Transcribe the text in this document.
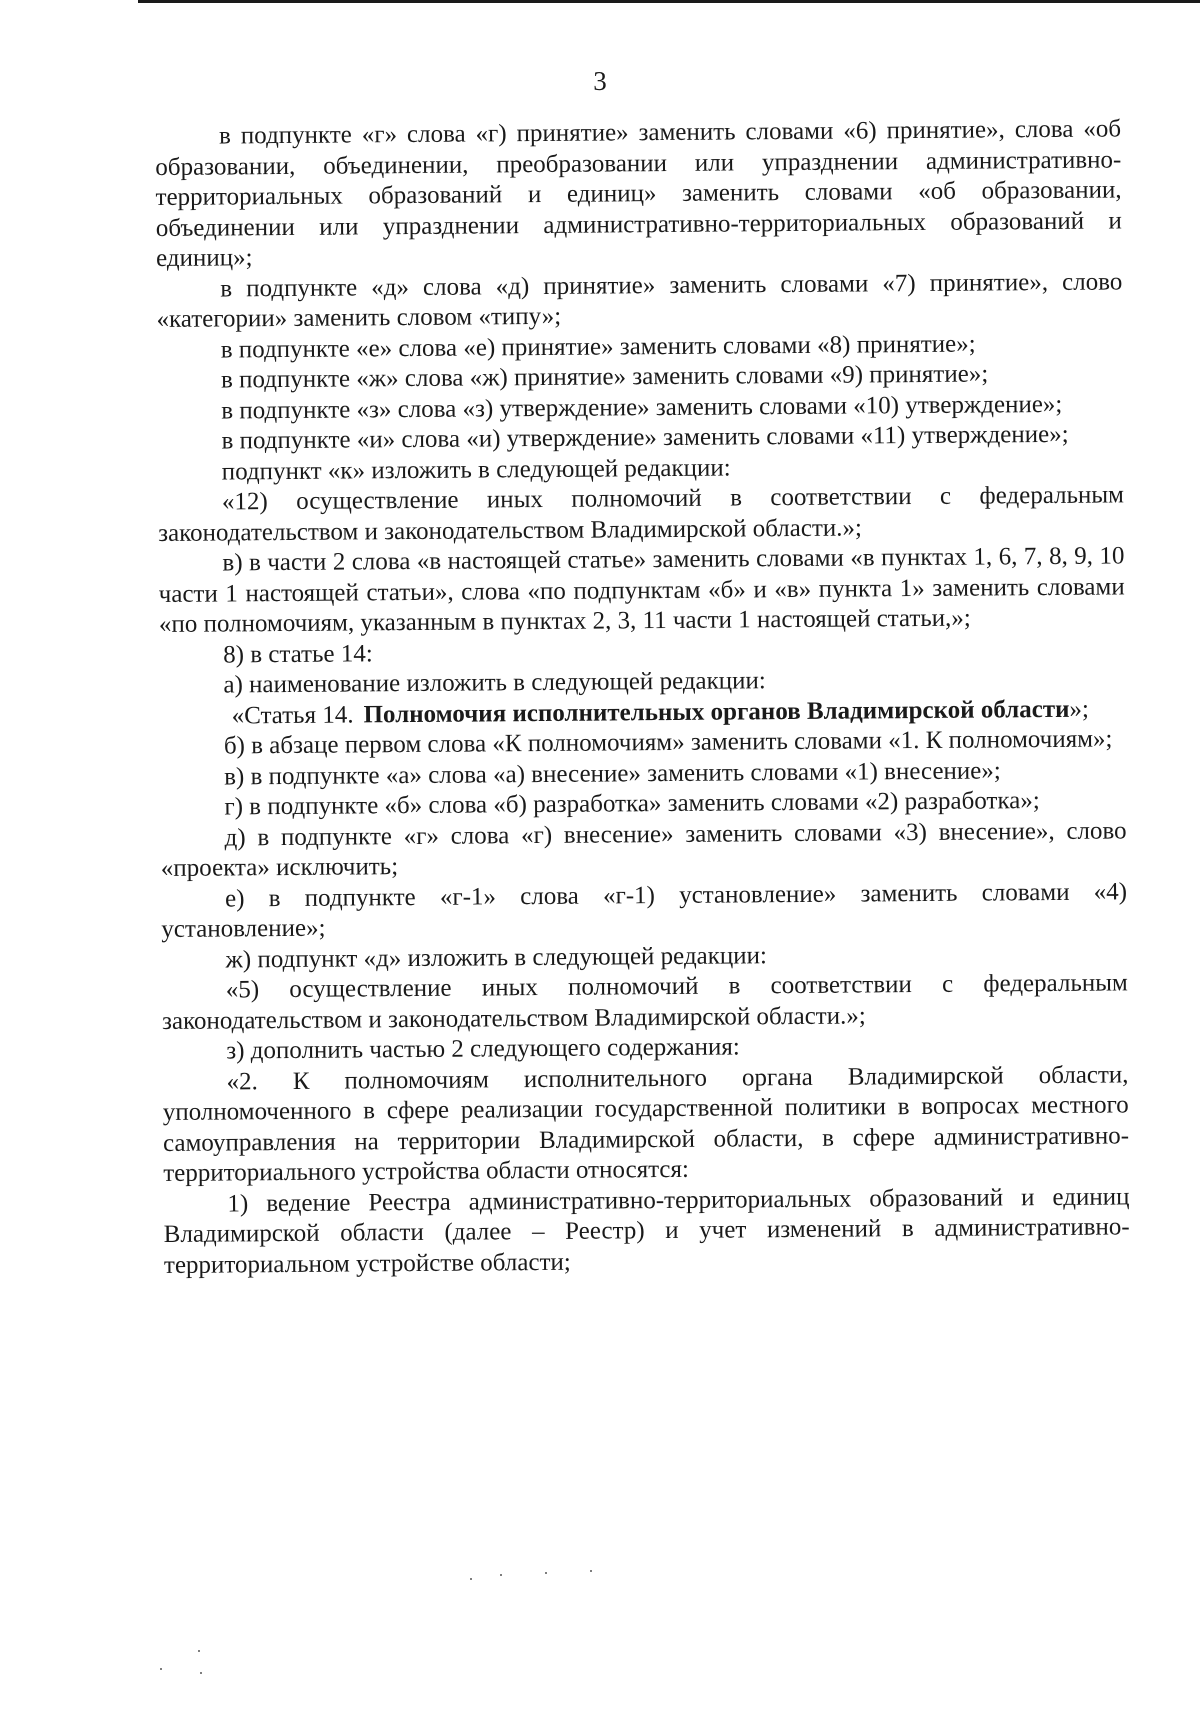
3

в подпункте «г» слова «г) принятие» заменить словами «6) принятие», слова «об образовании, объединении, преобразовании или упразднении административно-территориальных образований и единиц» заменить словами «об образовании, объединении или упразднении административно-территориальных образований и единиц»;

в подпункте «д» слова «д) принятие» заменить словами «7) принятие», слово «категории» заменить словом «типу»;

в подпункте «е» слова «е) принятие» заменить словами «8) принятие»;

в подпункте «ж» слова «ж) принятие» заменить словами «9) принятие»;

в подпункте «з» слова «з) утверждение» заменить словами «10) утверждение»;

в подпункте «и» слова «и) утверждение» заменить словами «11) утверждение»;

подпункт «к» изложить в следующей редакции:

«12) осуществление иных полномочий в соответствии с федеральным законодательством и законодательством Владимирской области.»;

в) в части 2 слова «в настоящей статье» заменить словами «в пунктах 1, 6, 7, 8, 9, 10 части 1 настоящей статьи», слова «по подпунктам «б» и «в» пункта 1» заменить словами «по полномочиям, указанным в пунктах 2, 3, 11 части 1 настоящей статьи,»;

8) в статье 14:

а) наименование изложить в следующей редакции:

«Статья 14. Полномочия исполнительных органов Владимирской области»;

б) в абзаце первом слова «К полномочиям» заменить словами «1. К полномочиям»;

в) в подпункте «а» слова «а) внесение» заменить словами «1) внесение»;

г) в подпункте «б» слова «б) разработка» заменить словами «2) разработка»;

д) в подпункте «г» слова «г) внесение» заменить словами «3) внесение», слово «проекта» исключить;

е) в подпункте «г-1» слова «г-1) установление» заменить словами «4) установление»;

ж) подпункт «д» изложить в следующей редакции:

«5) осуществление иных полномочий в соответствии с федеральным законодательством и законодательством Владимирской области.»;

з) дополнить частью 2 следующего содержания:

«2. К полномочиям исполнительного органа Владимирской области, уполномоченного в сфере реализации государственной политики в вопросах местного самоуправления на территории Владимирской области, в сфере административно-территориального устройства области относятся:

1) ведение Реестра административно-территориальных образований и единиц Владимирской области (далее – Реестр) и учет изменений в административно-территориальном устройстве области;
